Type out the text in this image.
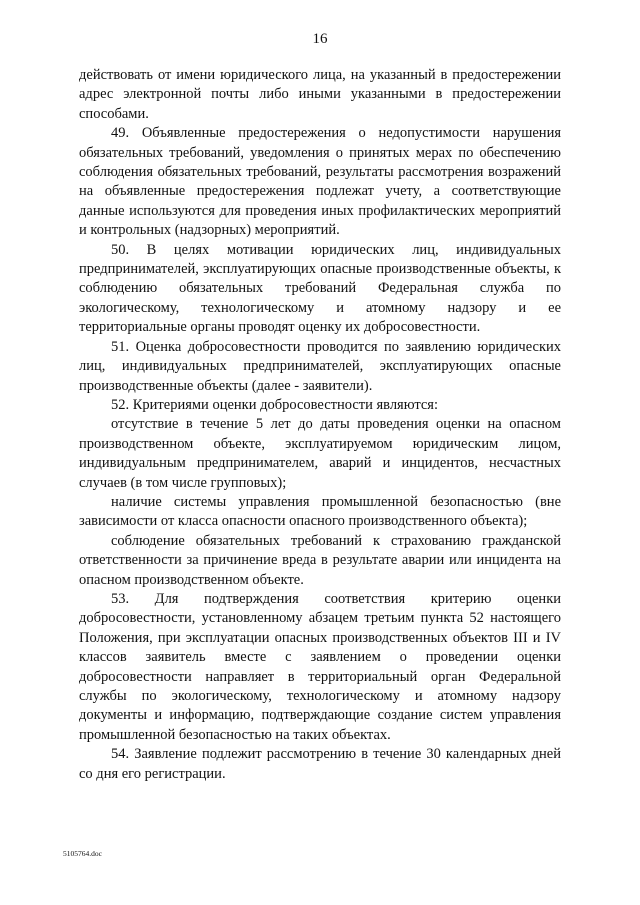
16

действовать от имени юридического лица, на указанный в предостережении адрес электронной почты либо иными указанными в предостережении способами.

49. Объявленные предостережения о недопустимости нарушения обязательных требований, уведомления о принятых мерах по обеспечению соблюдения обязательных требований, результаты рассмотрения возражений на объявленные предостережения подлежат учету, а соответствующие данные используются для проведения иных профилактических мероприятий и контрольных (надзорных) мероприятий.

50. В целях мотивации юридических лиц, индивидуальных предпринимателей, эксплуатирующих опасные производственные объекты, к соблюдению обязательных требований Федеральная служба по экологическому, технологическому и атомному надзору и ее территориальные органы проводят оценку их добросовестности.

51. Оценка добросовестности проводится по заявлению юридических лиц, индивидуальных предпринимателей, эксплуатирующих опасные производственные объекты (далее - заявители).

52. Критериями оценки добросовестности являются:

отсутствие в течение 5 лет до даты проведения оценки на опасном производственном объекте, эксплуатируемом юридическим лицом, индивидуальным предпринимателем, аварий и инцидентов, несчастных случаев (в том числе групповых);

наличие системы управления промышленной безопасностью (вне зависимости от класса опасности опасного производственного объекта);

соблюдение обязательных требований к страхованию гражданской ответственности за причинение вреда в результате аварии или инцидента на опасном производственном объекте.

53. Для подтверждения соответствия критерию оценки добросовестности, установленному абзацем третьим пункта 52 настоящего Положения, при эксплуатации опасных производственных объектов III и IV классов заявитель вместе с заявлением о проведении оценки добросовестности направляет в территориальный орган Федеральной службы по экологическому, технологическому и атомному надзору документы и информацию, подтверждающие создание систем управления промышленной безопасностью на таких объектах.

54. Заявление подлежит рассмотрению в течение 30 календарных дней со дня его регистрации.

5105764.doc
